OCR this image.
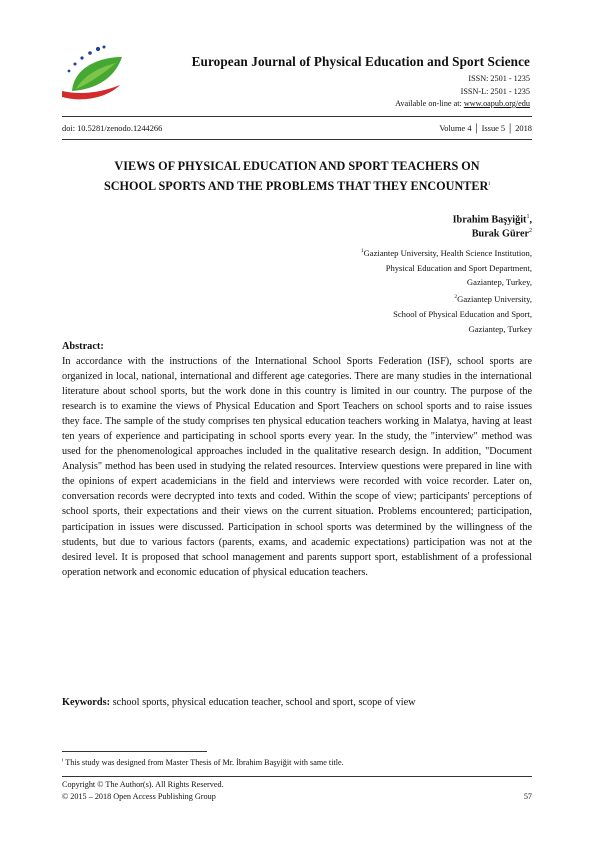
European Journal of Physical Education and Sport Science
ISSN: 2501 - 1235
ISSN-L: 2501 - 1235
Available on-line at: www.oapub.org/edu
doi: 10.5281/zenodo.1244266	Volume 4 │ Issue 5 │ 2018
VIEWS OF PHYSICAL EDUCATION AND SPORT TEACHERS ON
SCHOOL SPORTS AND THE PROBLEMS THAT THEY ENCOUNTER$^i$
Ibrahim Başyiğit$^1$,
Burak Gürer$^2$
$^1$Gaziantep University, Health Science Institution,
Physical Education and Sport Department,
Gaziantep, Turkey,
$^2$Gaziantep University,
School of Physical Education and Sport,
Gaziantep, Turkey
Abstract:
In accordance with the instructions of the International School Sports Federation (ISF), school sports are organized in local, national, international and different age categories. There are many studies in the international literature about school sports, but the work done in this country is limited in our country. The purpose of the research is to examine the views of Physical Education and Sport Teachers on school sports and to raise issues they face. The sample of the study comprises ten physical education teachers working in Malatya, having at least ten years of experience and participating in school sports every year. In the study, the "interview" method was used for the phenomenological approaches included in the qualitative research design. In addition, "Document Analysis" method has been used in studying the related resources. Interview questions were prepared in line with the opinions of expert academicians in the field and interviews were recorded with voice recorder. Later on, conversation records were decrypted into texts and coded. Within the scope of view; participants' perceptions of school sports, their expectations and their views on the current situation. Problems encountered; participation, participation in issues were discussed. Participation in school sports was determined by the willingness of the students, but due to various factors (parents, exams, and academic expectations) participation was not at the desired level. It is proposed that school management and parents support sport, establishment of a professional operation network and economic education of physical education teachers.
Keywords: school sports, physical education teacher, school and sport, scope of view
$^i$ This study was designed from Master Thesis of Mr. İbrahim Başyiğit with same title.
Copyright © The Author(s). All Rights Reserved.
© 2015 – 2018 Open Access Publishing Group	57
